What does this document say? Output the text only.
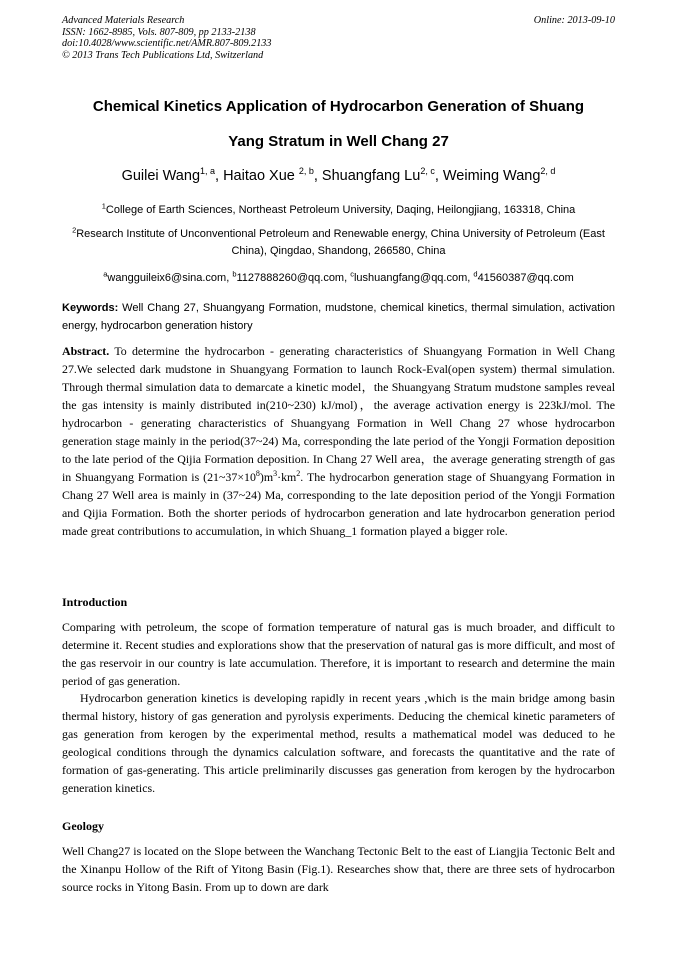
Advanced Materials Research
ISSN: 1662-8985, Vols. 807-809, pp 2133-2138
doi:10.4028/www.scientific.net/AMR.807-809.2133
© 2013 Trans Tech Publications Ltd, Switzerland
Online: 2013-09-10
Chemical Kinetics Application of Hydrocarbon Generation of Shuang
Yang Stratum in Well Chang 27
Guilei Wang$^{1, a}$, Haitao Xue $^{2, b}$, Shuangfang Lu$^{2, c}$, Weiming Wang$^{2, d}$
$^1$College of Earth Sciences, Northeast Petroleum University, Daqing, Heilongjiang, 163318, China
$^2$Research Institute of Unconventional Petroleum and Renewable energy, China University of Petroleum (East China), Qingdao, Shandong, 266580, China
$^a$wangguileix6@sina.com, $^b$1127888260@qq.com, $^c$lushuangfang@qq.com, $^d$41560387@qq.com
Keywords: Well Chang 27, Shuangyang Formation, mudstone, chemical kinetics, thermal simulation, activation energy, hydrocarbon generation history
Abstract. To determine the hydrocarbon - generating characteristics of Shuangyang Formation in Well Chang 27.We selected dark mudstone in Shuangyang Formation to launch Rock-Eval(open system) thermal simulation. Through thermal simulation data to demarcate a kinetic model，the Shuangyang Stratum mudstone samples reveal the gas intensity is mainly distributed in(210~230) kJ/mol)，the average activation energy is 223kJ/mol. The hydrocarbon - generating characteristics of Shuangyang Formation in Well Chang 27 whose hydrocarbon generation stage mainly in the period(37~24) Ma, corresponding the late period of the Yongji Formation deposition to the late period of the Qijia Formation deposition. In Chang 27 Well area，the average generating strength of gas in Shuangyang Formation is $(21\sim 37\times 10^8)m^3\cdot km^2$. The hydrocarbon generation stage of Shuangyang Formation in Chang 27 Well area is mainly in (37~24) Ma, corresponding to the late deposition period of the Yongji Formation and Qijia Formation. Both the shorter periods of hydrocarbon generation and late hydrocarbon generation period made great contributions to accumulation, in which Shuang_1 formation played a bigger role.
Introduction
Comparing with petroleum, the scope of formation temperature of natural gas is much broader, and difficult to determine it. Recent studies and explorations show that the preservation of natural gas is more difficult, and most of the gas reservoir in our country is late accumulation. Therefore, it is important to research and determine the main period of gas generation.
Hydrocarbon generation kinetics is developing rapidly in recent years ,which is the main bridge among basin thermal history, history of gas generation and pyrolysis experiments. Deducing the chemical kinetic parameters of gas generation from kerogen by the experimental method, results a mathematical model was deduced to he geological conditions through the dynamics calculation software, and forecasts the quantitative and the rate of formation of gas-generating. This article preliminarily discusses gas generation from kerogen by the hydrocarbon generation kinetics.
Geology
Well Chang27 is located on the Slope between the Wanchang Tectonic Belt to the east of Liangjia Tectonic Belt and the Xinanpu Hollow of the Rift of Yitong Basin (Fig.1). Researches show that, there are three sets of hydrocarbon source rocks in Yitong Basin. From up to down are dark
